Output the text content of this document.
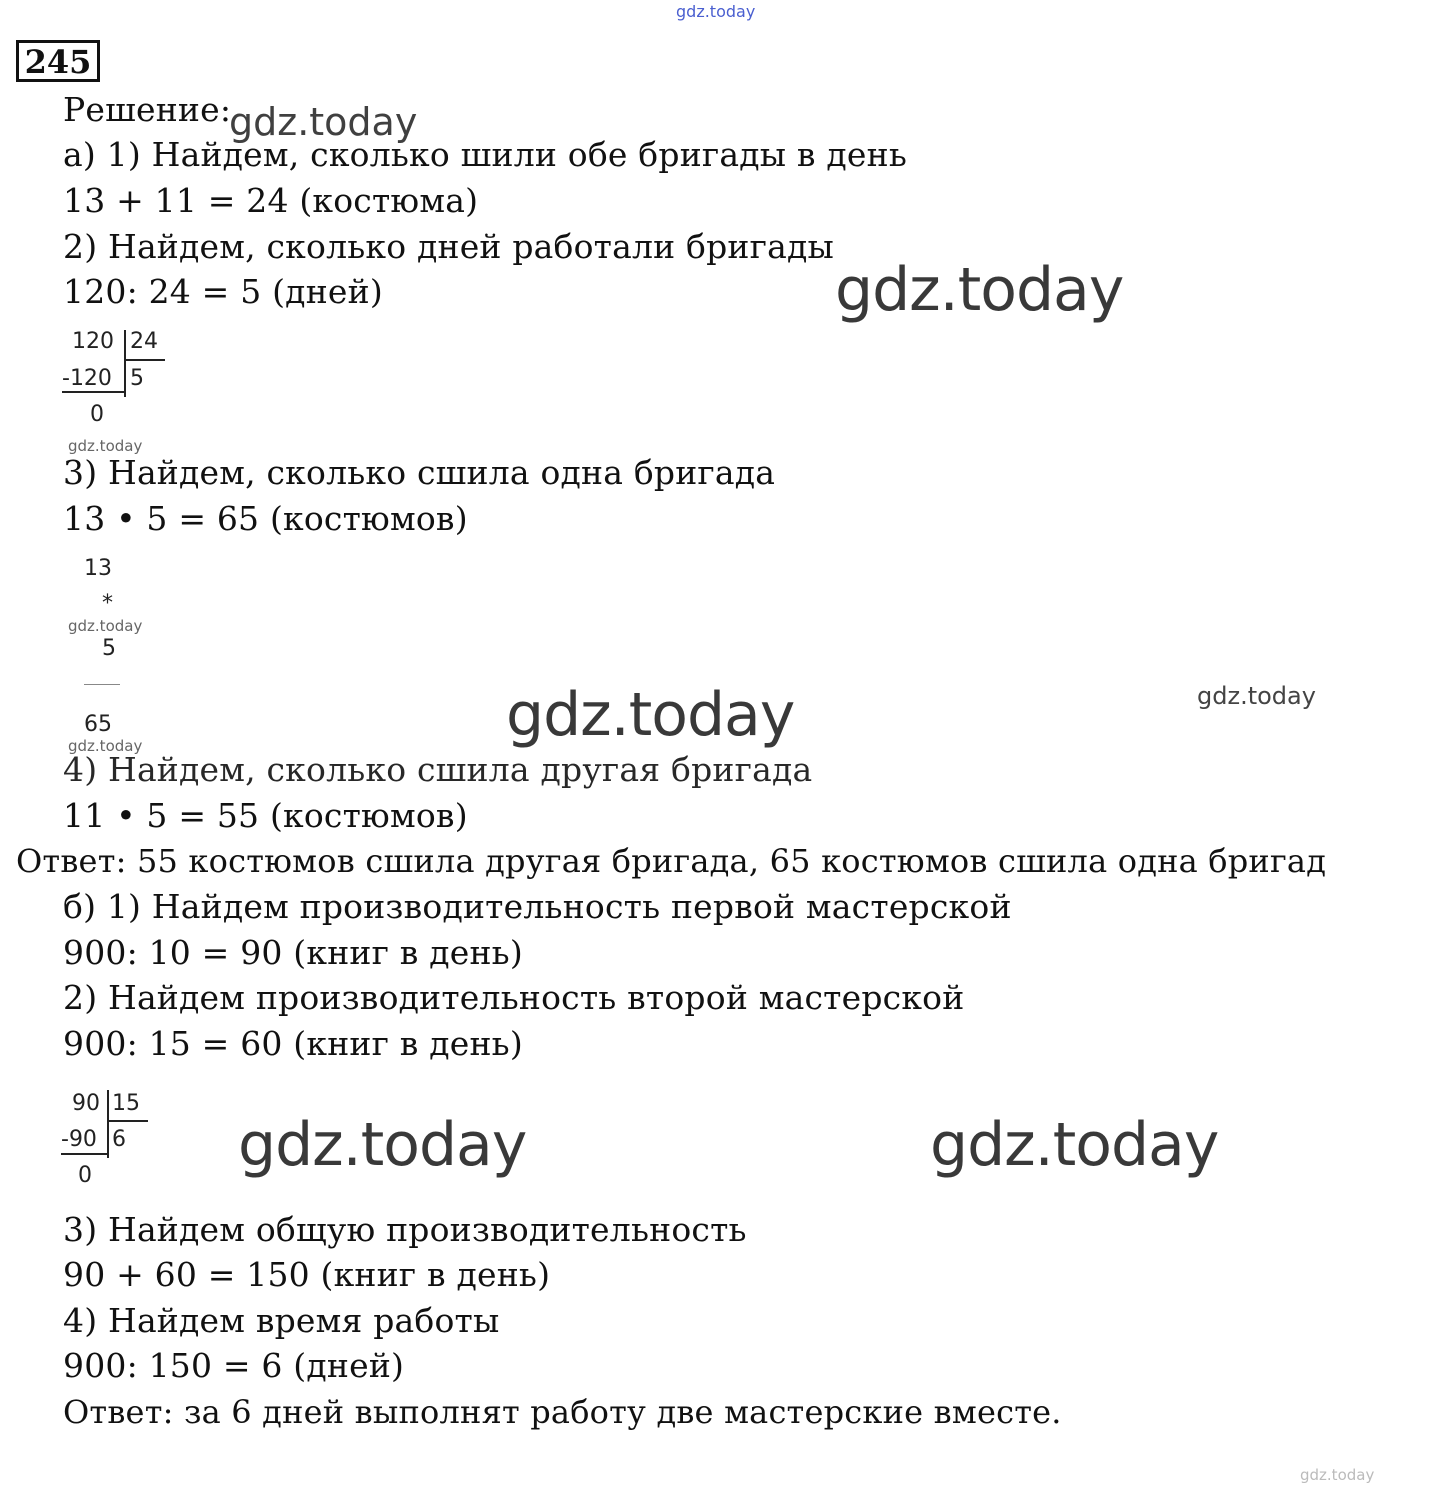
gdz.today
245
Решение:
gdz.today
а) 1) Найдем, сколько шили обе бригады в день
13 + 11 = 24 (костюма)
2) Найдем, сколько дней работали бригады
120: 24 = 5 (дней)	gdz.today
120 24
-120 5
0
gdz.today
3) Найдем, сколько сшила одна бригада
13 • 5 = 65 (костюмов)
13
*
5
65
gdz.today
gdz.today	gdz.today	gdz.today
4) Найдем, сколько сшила другая бригада
11 • 5 = 55 (костюмов)
Ответ: 55 костюмов сшила другая бригада, 65 костюмов сшила одна бригад
б) 1) Найдем производительность первой мастерской
900: 10 = 90 (книг в день)
2) Найдем производительность второй мастерской
900: 15 = 60 (книг в день)
90 15
-90 6
0 gdz.today	gdz.today
3) Найдем общую производительность
90 + 60 = 150 (книг в день)
4) Найдем время работы
900: 150 = 6 (дней)
Ответ: за 6 дней выполнят работу две мастерские вместе.
gdz.today
